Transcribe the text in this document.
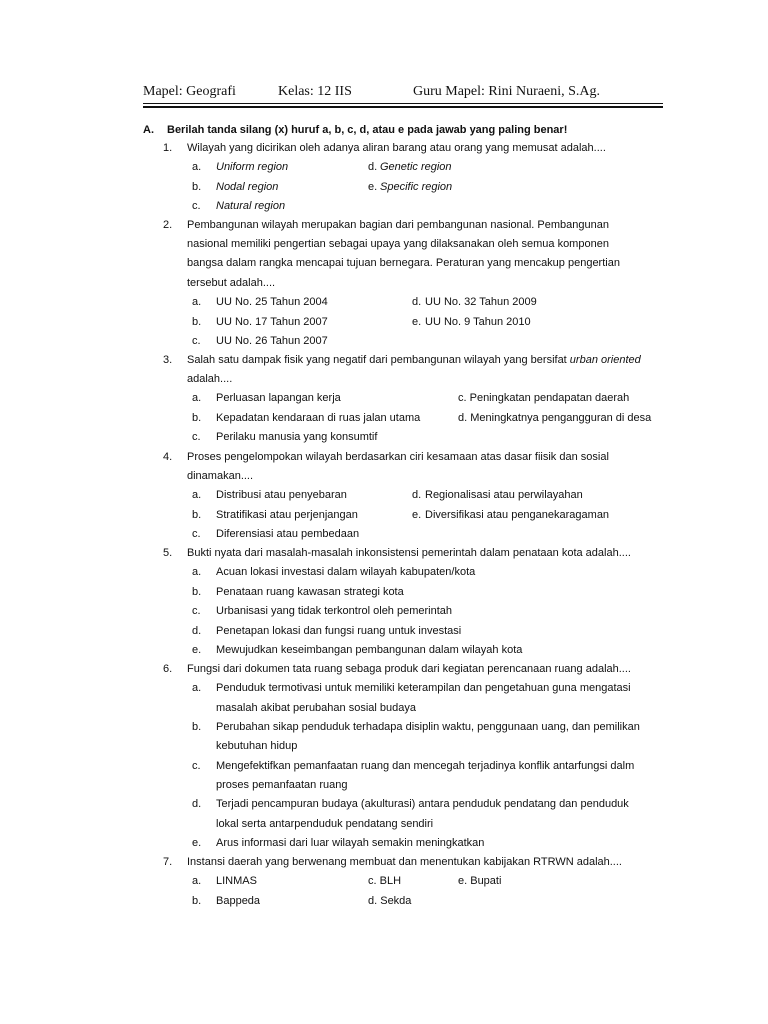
Mapel: Geografi	Kelas: 12 IIS	Guru Mapel: Rini Nuraeni, S.Ag.
A. Berilah tanda silang (x) huruf a, b, c, d, atau e pada jawab yang paling benar!
1. Wilayah yang dicirikan oleh adanya aliran barang atau orang yang memusat adalah....
a. Uniform region	d. Genetic region
b. Nodal region	e. Specific region
c. Natural region
2. Pembangunan wilayah merupakan bagian dari pembangunan nasional. Pembangunan
nasional memiliki pengertian sebagai upaya yang dilaksanakan oleh semua komponen
bangsa dalam rangka mencapai tujuan bernegara. Peraturan yang mencakup pengertian
tersebut adalah....
a. UU No. 25 Tahun 2004	d. UU No. 32 Tahun 2009
b. UU No. 17 Tahun 2007	e. UU No. 9 Tahun 2010
c. UU No. 26 Tahun 2007
3. Salah satu dampak fisik yang negatif dari pembangunan wilayah yang bersifat urban oriented
adalah....
a. Perluasan lapangan kerja	c. Peningkatan pendapatan daerah
b. Kepadatan kendaraan di ruas jalan utama	d. Meningkatnya pengangguran di desa
c. Perilaku manusia yang konsumtif
4. Proses pengelompokan wilayah berdasarkan ciri kesamaan atas dasar fiisik dan sosial
dinamakan....
a. Distribusi atau penyebaran	d. Regionalisasi atau perwilayahan
b. Stratifikasi atau perjenjangan	e. Diversifikasi atau penganekaragaman
c. Diferensiasi atau pembedaan
5. Bukti nyata dari masalah-masalah inkonsistensi pemerintah dalam penataan kota adalah....
a. Acuan lokasi investasi dalam wilayah kabupaten/kota
b. Penataan ruang kawasan strategi kota
c. Urbanisasi yang tidak terkontrol oleh pemerintah
d. Penetapan lokasi dan fungsi ruang untuk investasi
e. Mewujudkan keseimbangan pembangunan dalam wilayah kota
6. Fungsi dari dokumen tata ruang sebaga produk dari kegiatan perencanaan ruang adalah....
a. Penduduk termotivasi untuk memiliki keterampilan dan pengetahuan guna mengatasi
masalah akibat perubahan sosial budaya
b. Perubahan sikap penduduk terhadapa disiplin waktu, penggunaan uang, dan pemilikan
kebutuhan hidup
c. Mengefektifkan pemanfaatan ruang dan mencegah terjadinya konflik antarfungsi dalm
proses pemanfaatan ruang
d. Terjadi pencampuran budaya (akulturasi) antara penduduk pendatang dan penduduk
lokal serta antarpenduduk pendatang sendiri
e. Arus informasi dari luar wilayah semakin meningkatkan
7. Instansi daerah yang berwenang membuat dan menentukan kabijakan RTRWN adalah....
a. LINMAS	c. BLH	e. Bupati
b. Bappeda	d. Sekda
